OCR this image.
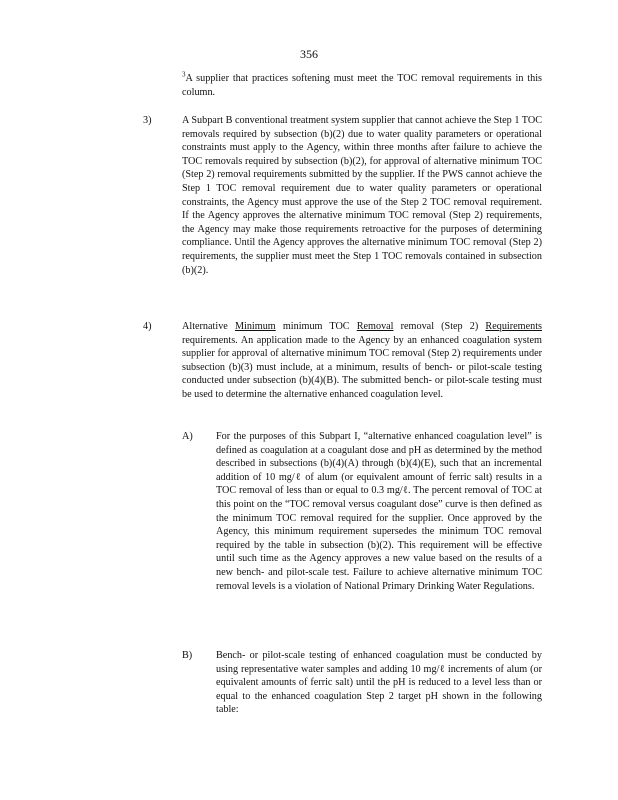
356
$^3$A supplier that practices softening must meet the TOC removal requirements in this column.
3)	A Subpart B conventional treatment system supplier that cannot achieve the Step 1 TOC removals required by subsection (b)(2) due to water quality parameters or operational constraints must apply to the Agency, within three months after failure to achieve the TOC removals required by subsection (b)(2), for approval of alternative minimum TOC (Step 2) removal requirements submitted by the supplier. If the PWS cannot achieve the Step 1 TOC removal requirement due to water quality parameters or operational constraints, the Agency must approve the use of the Step 2 TOC removal requirement. If the Agency approves the alternative minimum TOC removal (Step 2) requirements, the Agency may make those requirements retroactive for the purposes of determining compliance. Until the Agency approves the alternative minimum TOC removal (Step 2) requirements, the supplier must meet the Step 1 TOC removals contained in subsection (b)(2).
4)	Alternative Minimum minimum TOC Removal removal (Step 2) Requirements requirements. An application made to the Agency by an enhanced coagulation system supplier for approval of alternative minimum TOC removal (Step 2) requirements under subsection (b)(3) must include, at a minimum, results of bench- or pilot-scale testing conducted under subsection (b)(4)(B). The submitted bench- or pilot-scale testing must be used to determine the alternative enhanced coagulation level.
A) For the purposes of this Subpart I, “alternative enhanced coagulation level” is defined as coagulation at a coagulant dose and pH as determined by the method described in subsections (b)(4)(A) through (b)(4)(E), such that an incremental addition of 10 mg/ℓ of alum (or equivalent amount of ferric salt) results in a TOC removal of less than or equal to 0.3 mg/ℓ. The percent removal of TOC at this point on the “TOC removal versus coagulant dose” curve is then defined as the minimum TOC removal required for the supplier. Once approved by the Agency, this minimum requirement supersedes the minimum TOC removal required by the table in subsection (b)(2). This requirement will be effective until such time as the Agency approves a new value based on the results of a new bench- and pilot-scale test. Failure to achieve alternative minimum TOC removal levels is a violation of National Primary Drinking Water Regulations.
B) Bench- or pilot-scale testing of enhanced coagulation must be conducted by using representative water samples and adding 10 mg/ℓ increments of alum (or equivalent amounts of ferric salt) until the pH is reduced to a level less than or equal to the enhanced coagulation Step 2 target pH shown in the following table:
